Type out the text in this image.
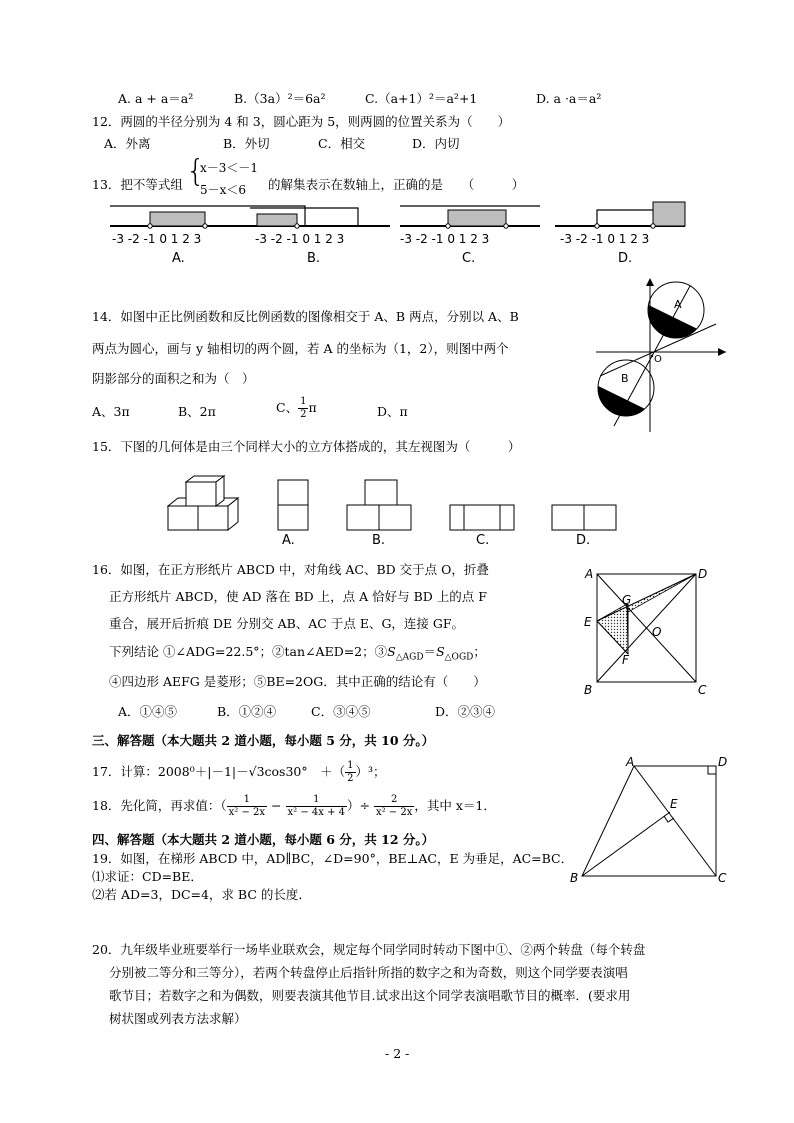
A. a + a＝a²	B.（3a）²＝6a²	C.（a+1）²＝a²+1	D. a ·a＝a²
12．两圆的半径分别为 4 和 3，圆心距为 5，则两圆的位置关系为（　　）
A．外离	B．外切	C．相交	D．内切
13．把不等式组 {
x－3＜－1
5－x＜6 的解集表示在数轴上，正确的是　　（　　　）
-3 -2 -1 0 1 2 3
A.
-3 -2 -1 0 1 2 3
B.
-3 -2 -1 0 1 2 3
C.
-3 -2 -1 0 1 2 3
D.
14．如图中正比例函数和反比例函数的图像相交于 A、B 两点，分别以 A、B
两点为圆心，画与 y 轴相切的两个圆，若 A 的坐标为（1，2），则图中两个
阴影部分的面积之和为（　）
A、3π	B、2π	C、 $\frac{1}{2}$ π	D、π
A
B
O
15．下图的几何体是由三个同样大小的立方体搭成的，其左视图为（　　　）
A.	B.	C.	D.
16．如图，在正方形纸片 ABCD 中，对角线 AC、BD 交于点 O，折叠
正方形纸片 ABCD，使 AD 落在 BD 上，点 A 恰好与 BD 上的点 F
重合，展开后折痕 DE 分别交 AB、AC 于点 E、G，连接 GF。
下列结论 ①∠ADG=22.5°；②tan∠AED=2；$③S_{\triangle AGD}=S_{\triangle OGD}$；
④四边形 AEFG 是菱形；⑤BE=2OG．其中正确的结论有（　　）
A．①④⑤	B．①②④	C．③④⑤	D．②③④
A	D
G
E
O
F
B	C
三、解答题（本大题共 2 道小题，每小题 5 分，共 10 分。）
17．计算：2008⁰＋|－1|－√3cos30°　＋（ $\frac{1}{2} )^3$；
18．先化简，再求值：（ $\frac{1}{\text{x² − 2x}} - \frac{1}{\text{x² − 4x + 4}}$ ）÷ $\frac{2}{\text{x² − 2x}}$ ，其中 x＝1．
四、解答题（本大题共 2 道小题，每小题 6 分，共 12 分。）
19．如图，在梯形 ABCD 中，AD∥BC，∠D=90°，BE⊥AC，E 为垂足，AC=BC．
⑴求证：CD=BE．
⑵若 AD=3，DC=4，求 BC 的长度．
A	D
E
B	C
20．九年级毕业班要举行一场毕业联欢会，规定每个同学同时转动下图中①、②两个转盘（每个转盘
分别被二等分和三等分），若两个转盘停止后指针所指的数字之和为奇数，则这个同学要表演唱
歌节目；若数字之和为偶数，则要表演其他节目.试求出这个同学表演唱歌节目的概率．(要求用
树状图或列表方法求解）
- 2 -
